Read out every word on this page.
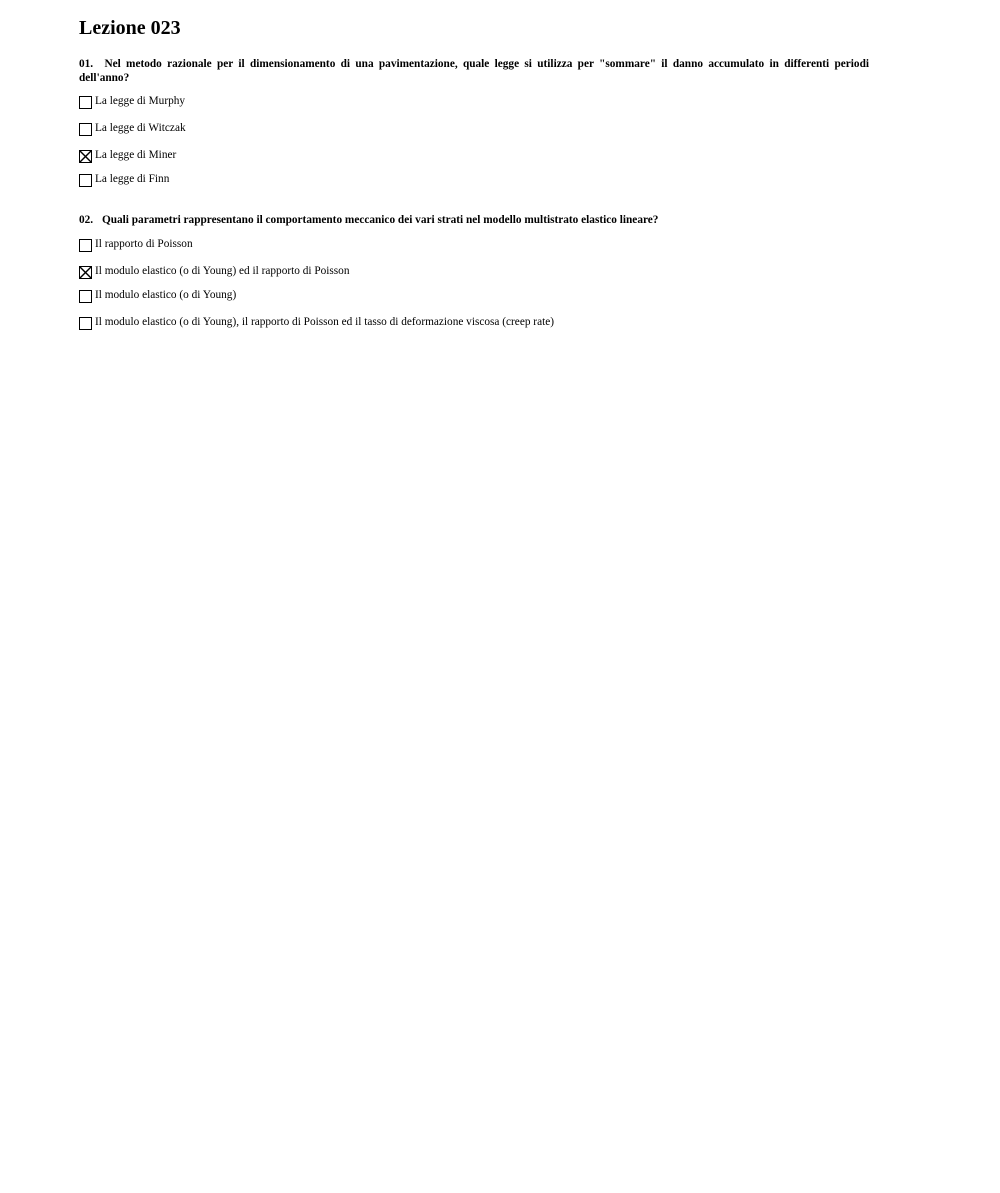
Lezione 023
01. Nel metodo razionale per il dimensionamento di una pavimentazione, quale legge si utilizza per "sommare" il danno accumulato in differenti periodi dell'anno?
La legge di Murphy
La legge di Witczak
La legge di Miner
La legge di Finn
02. Quali parametri rappresentano il comportamento meccanico dei vari strati nel modello multistrato elastico lineare?
Il rapporto di Poisson
Il modulo elastico (o di Young) ed il rapporto di Poisson
Il modulo elastico (o di Young)
Il modulo elastico (o di Young), il rapporto di Poisson ed il tasso di deformazione viscosa (creep rate)
